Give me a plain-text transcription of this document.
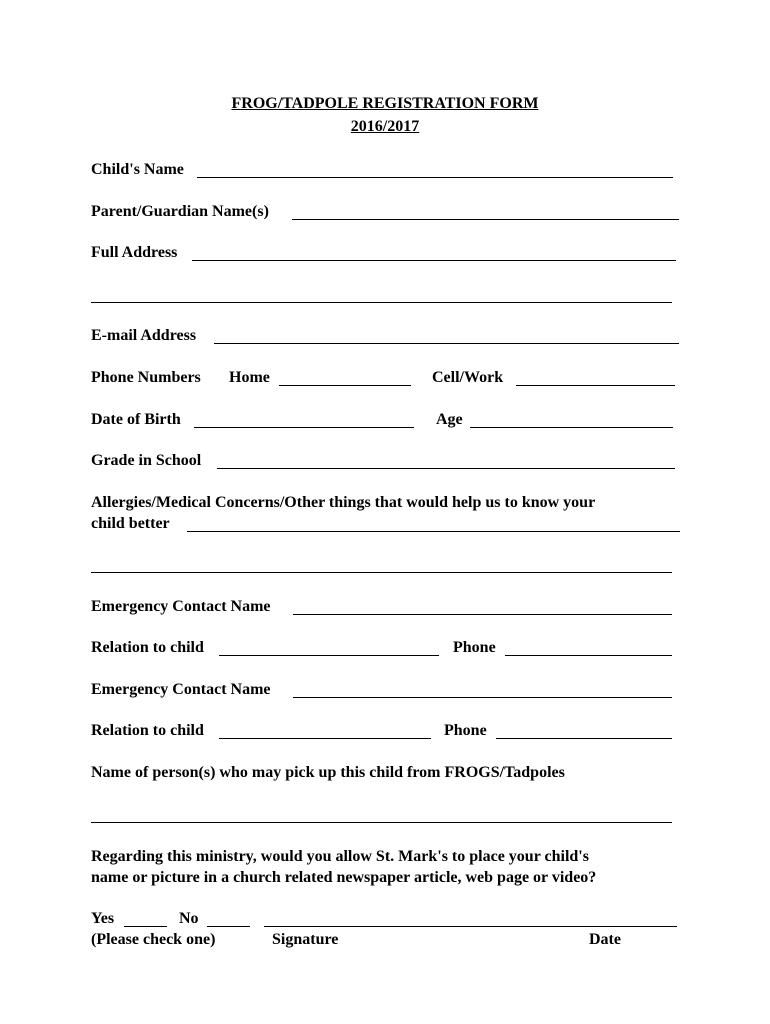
FROG/TADPOLE REGISTRATION FORM
2016/2017
Child's Name
Parent/Guardian Name(s)
Full Address
E-mail Address
Phone Numbers Home	Cell/Work
Date of Birth	Age
Grade in School
Allergies/Medical Concerns/Other things that would help us to know your
child better
Emergency Contact Name
Relation to child	Phone
Emergency Contact Name
Relation to child	Phone
Name of person(s) who may pick up this child from FROGS/Tadpoles
Regarding this ministry, would you allow St. Mark's to place your child's
name or picture in a church related newspaper article, web page or video?
Yes	No
(Please check one)	Signature	Date
